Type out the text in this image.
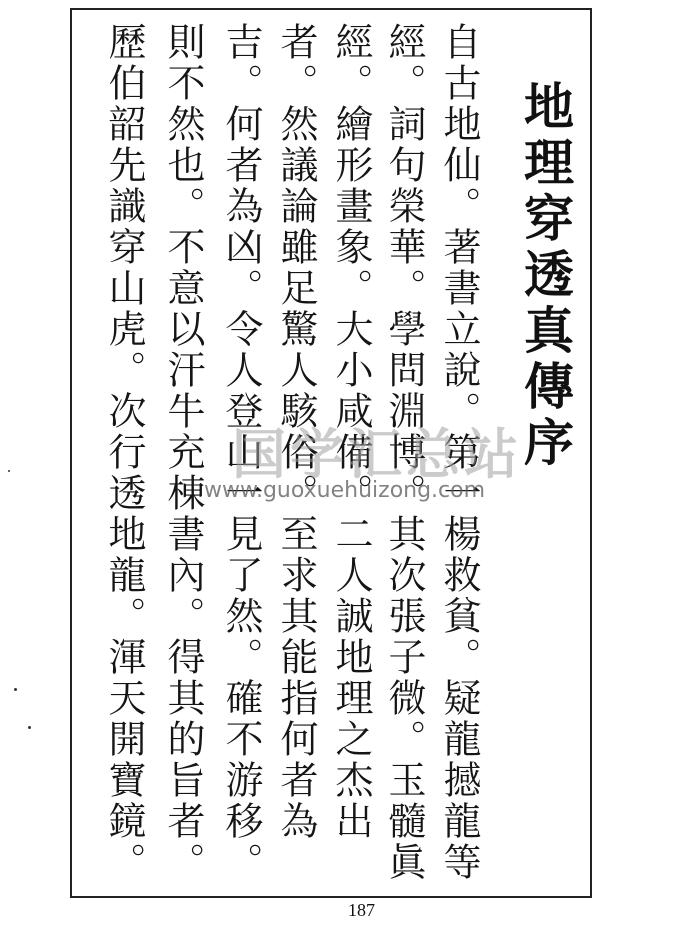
地理穿透真傳序
自古地仙。著書立說。第一楊救貧。疑龍撼龍等
經。詞句榮華。學問淵博。其次張子微。玉髓眞
經。繪形畫象。大小咸備。二人誠地理之杰出
者。然議論雖足驚人駭俗。至求其能指何者為
吉。何者為凶。令人登山一見了然。確不游移。
則不然也。不意以汗牛充棟書內。得其的旨者。
歷伯韶先識穿山虎。次行透地龍。渾天開寶鏡。 国学汇总站
www.guoxuehuizong.com
187
